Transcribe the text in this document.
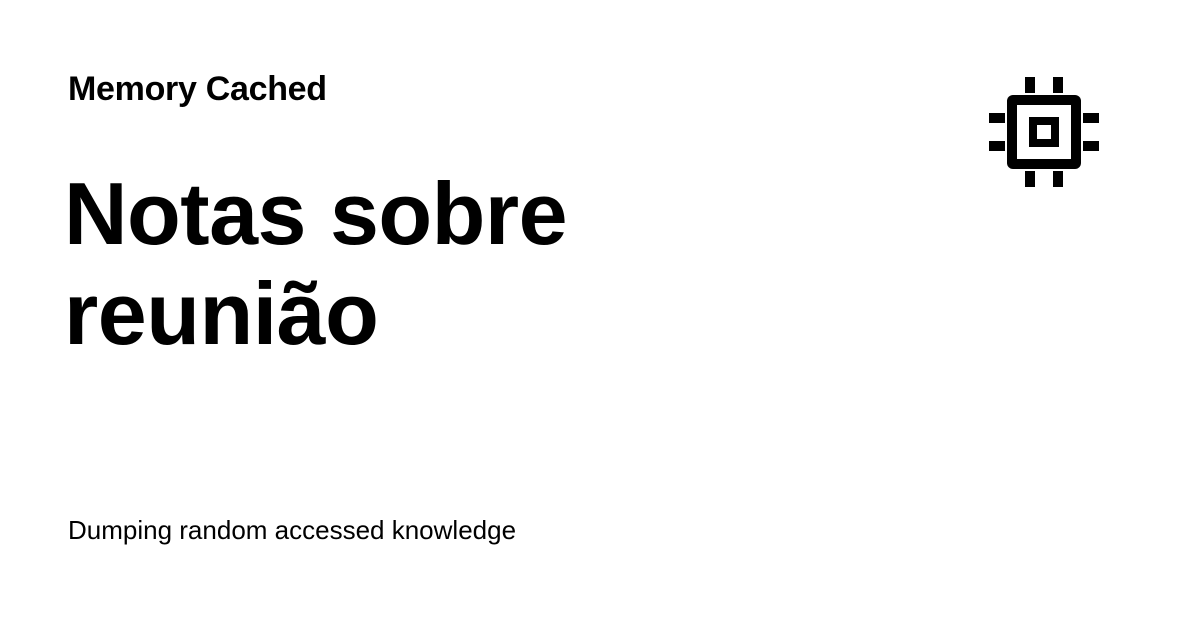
Memory Cached
Notas sobre reunião
Dumping random accessed knowledge
